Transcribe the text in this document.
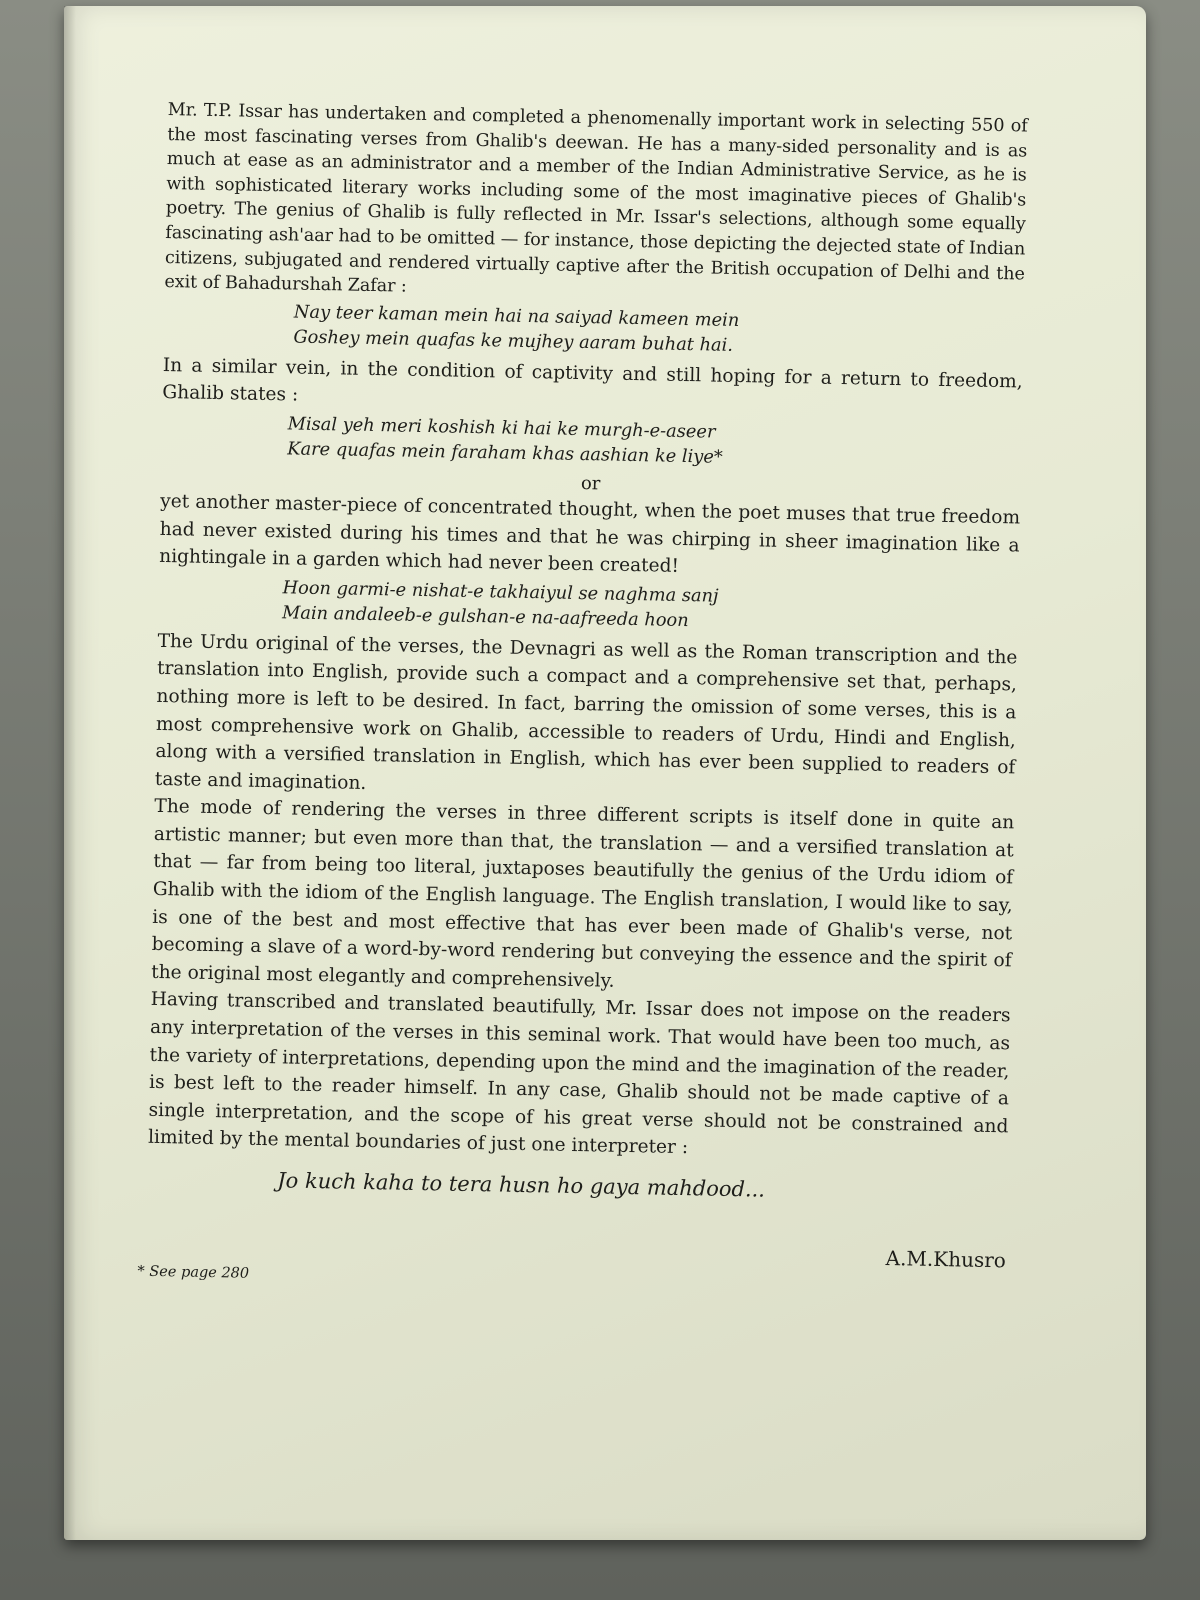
Mr. T.P. Issar has undertaken and completed a phenomenally important work in selecting 550 of the most fascinating verses from Ghalib's deewan. He has a many-sided personality and is as much at ease as an administrator and a member of the Indian Administrative Service, as he is with sophisticated literary works including some of the most imaginative pieces of Ghalib's poetry. The genius of Ghalib is fully reflected in Mr. Issar's selections, although some equally fascinating ash'aar had to be omitted — for instance, those depicting the dejected state of Indian citizens, subjugated and rendered virtually captive after the British occupation of Delhi and the exit of Bahadurshah Zafar :

Nay teer kaman mein hai na saiyad kameen mein
Goshey mein quafas ke mujhey aaram buhat hai.

In a similar vein, in the condition of captivity and still hoping for a return to freedom, Ghalib states :

Misal yeh meri koshish ki hai ke murgh-e-aseer
Kare quafas mein faraham khas aashian ke liye*

or

yet another master-piece of concentrated thought, when the poet muses that true freedom had never existed during his times and that he was chirping in sheer imagination like a nightingale in a garden which had never been created!

Hoon garmi-e nishat-e takhaiyul se naghma sanj
Main andaleeb-e gulshan-e na-aafreeda hoon

The Urdu original of the verses, the Devnagri as well as the Roman transcription and the translation into English, provide such a compact and a comprehensive set that, perhaps, nothing more is left to be desired. In fact, barring the omission of some verses, this is a most comprehensive work on Ghalib, accessible to readers of Urdu, Hindi and English, along with a versified translation in English, which has ever been supplied to readers of taste and imagination.

The mode of rendering the verses in three different scripts is itself done in quite an artistic manner; but even more than that, the translation — and a versified translation at that — far from being too literal, juxtaposes beautifully the genius of the Urdu idiom of Ghalib with the idiom of the English language. The English translation, I would like to say, is one of the best and most effective that has ever been made of Ghalib's verse, not becoming a slave of a word-by-word rendering but conveying the essence and the spirit of the original most elegantly and comprehensively.

Having transcribed and translated beautifully, Mr. Issar does not impose on the readers any interpretation of the verses in this seminal work. That would have been too much, as the variety of interpretations, depending upon the mind and the imagination of the reader, is best left to the reader himself. In any case, Ghalib should not be made captive of a single interpretation, and the scope of his great verse should not be constrained and limited by the mental boundaries of just one interpreter :

Jo kuch kaha to tera husn ho gaya mahdood...

A.M.Khusro

* See page 280
